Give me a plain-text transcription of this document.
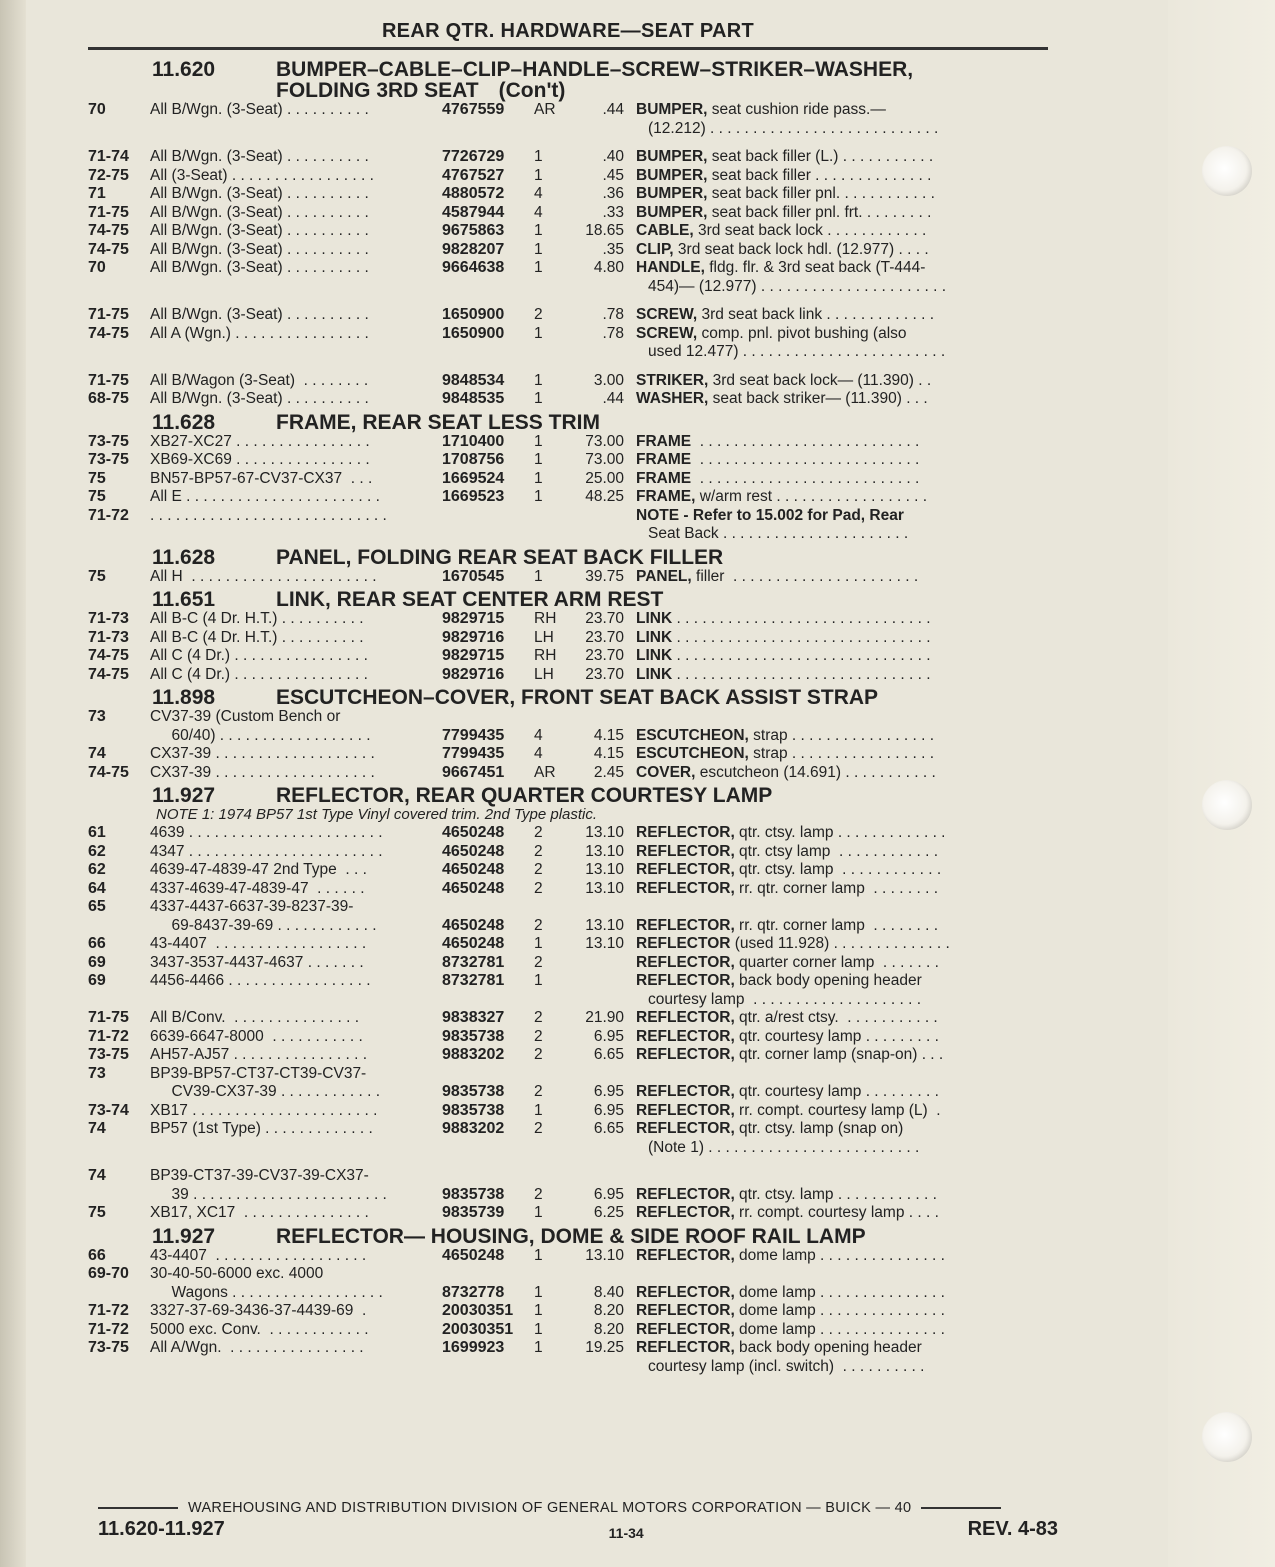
REAR QTR. HARDWARE—SEAT PART
11.620	BUMPER–CABLE–CLIP–HANDLE–SCREW–STRIKER–WASHER,
FOLDING 3RD SEAT (Con't)
70	All B/Wgn. (3-Seat) . . . . . . . . . .	4767559	AR	.44 BUMPER, seat cushion ride pass.—
(12.212) . . . . . . . . . . . . . . . . . . . . . . . . . . .
71-74	All B/Wgn. (3-Seat) . . . . . . . . . .	7726729	1	.40 BUMPER, seat back filler (L.) . . . . . . . . . . .
72-75	All (3-Seat) . . . . . . . . . . . . . . . . .	4767527	1	.45 BUMPER, seat back filler . . . . . . . . . . . . . .
71	All B/Wgn. (3-Seat) . . . . . . . . . .	4880572	4	.36 BUMPER, seat back filler pnl. . . . . . . . . . . .
71-75	All B/Wgn. (3-Seat) . . . . . . . . . .	4587944	4	.33 BUMPER, seat back filler pnl. frt. . . . . . . . .
74-75	All B/Wgn. (3-Seat) . . . . . . . . . .	9675863	1	18.65 CABLE, 3rd seat back lock . . . . . . . . . . . .
74-75	All B/Wgn. (3-Seat) . . . . . . . . . .	9828207	1	.35 CLIP, 3rd seat back lock hdl. (12.977) . . . .
70	All B/Wgn. (3-Seat) . . . . . . . . . .	9664638	1	4.80 HANDLE, fldg. flr. & 3rd seat back (T-444-
454)— (12.977) . . . . . . . . . . . . . . . . . . . . . .
71-75	All B/Wgn. (3-Seat) . . . . . . . . . .	1650900	2	.78 SCREW, 3rd seat back link . . . . . . . . . . . . .
74-75	All A (Wgn.) . . . . . . . . . . . . . . . .	1650900	1	.78 SCREW, comp. pnl. pivot bushing (also
used 12.477) . . . . . . . . . . . . . . . . . . . . . . . .
71-75	All B/Wagon (3-Seat)  . . . . . . . .	9848534	1	3.00 STRIKER, 3rd seat back lock— (11.390) . .
68-75	All B/Wgn. (3-Seat) . . . . . . . . . .	9848535	1	.44 WASHER, seat back striker— (11.390) . . .
11.628	FRAME, REAR SEAT LESS TRIM
73-75	XB27-XC27 . . . . . . . . . . . . . . . .	1710400	1	73.00 FRAME  . . . . . . . . . . . . . . . . . . . . . . . . . .
73-75	XB69-XC69 . . . . . . . . . . . . . . . .	1708756	1	73.00 FRAME  . . . . . . . . . . . . . . . . . . . . . . . . . .
75	BN57-BP57-67-CV37-CX37  . . .	1669524	1	25.00 FRAME  . . . . . . . . . . . . . . . . . . . . . . . . . .
75	All E . . . . . . . . . . . . . . . . . . . . . . .	1669523	1	48.25 FRAME, w/arm rest . . . . . . . . . . . . . . . . . .
71-72	. . . . . . . . . . . . . . . . . . . . . . . . . . . .	NOTE - Refer to 15.002 for Pad, Rear
Seat Back . . . . . . . . . . . . . . . . . . . . . .
11.628	PANEL, FOLDING REAR SEAT BACK FILLER
75	All H  . . . . . . . . . . . . . . . . . . . . . .	1670545	1	39.75 PANEL, filler  . . . . . . . . . . . . . . . . . . . . . .
11.651	LINK, REAR SEAT CENTER ARM REST
71-73	All B-C (4 Dr. H.T.) . . . . . . . . . .	9829715	RH	23.70 LINK . . . . . . . . . . . . . . . . . . . . . . . . . . . . . .
71-73	All B-C (4 Dr. H.T.) . . . . . . . . . .	9829716	LH	23.70 LINK . . . . . . . . . . . . . . . . . . . . . . . . . . . . . .
74-75	All C (4 Dr.) . . . . . . . . . . . . . . . .	9829715	RH	23.70 LINK . . . . . . . . . . . . . . . . . . . . . . . . . . . . . .
74-75	All C (4 Dr.) . . . . . . . . . . . . . . . .	9829716	LH	23.70 LINK . . . . . . . . . . . . . . . . . . . . . . . . . . . . . .
11.898	ESCUTCHEON–COVER, FRONT SEAT BACK ASSIST STRAP
73	CV37-39 (Custom Bench or
60/40) . . . . . . . . . . . . . . . . . .	7799435	4	4.15 ESCUTCHEON, strap . . . . . . . . . . . . . . . . .
74	CX37-39 . . . . . . . . . . . . . . . . . . .	7799435	4	4.15 ESCUTCHEON, strap . . . . . . . . . . . . . . . . .
74-75	CX37-39 . . . . . . . . . . . . . . . . . . .	9667451	AR	2.45 COVER, escutcheon (14.691) . . . . . . . . . . .
11.927	REFLECTOR, REAR QUARTER COURTESY LAMP
NOTE 1: 1974 BP57 1st Type Vinyl covered trim. 2nd Type plastic.
61	4639 . . . . . . . . . . . . . . . . . . . . . . .	4650248	2	13.10 REFLECTOR, qtr. ctsy. lamp . . . . . . . . . . . . .
62	4347 . . . . . . . . . . . . . . . . . . . . . . .	4650248	2	13.10 REFLECTOR, qtr. ctsy lamp  . . . . . . . . . . . .
62	4639-47-4839-47 2nd Type  . . .	4650248	2	13.10 REFLECTOR, qtr. ctsy. lamp  . . . . . . . . . . . .
64	4337-4639-47-4839-47  . . . . . .	4650248	2	13.10 REFLECTOR, rr. qtr. corner lamp  . . . . . . . .
65	4337-4437-6637-39-8237-39-
69-8437-39-69 . . . . . . . . . . . .	4650248	2	13.10 REFLECTOR, rr. qtr. corner lamp  . . . . . . . .
66	43-4407  . . . . . . . . . . . . . . . . . .	4650248	1	13.10 REFLECTOR (used 11.928) . . . . . . . . . . . . . .
69	3437-3537-4437-4637 . . . . . . .	8732781	2	REFLECTOR, quarter corner lamp  . . . . . . .
69	4456-4466 . . . . . . . . . . . . . . . . .	8732781	1	REFLECTOR, back body opening header
courtesy lamp  . . . . . . . . . . . . . . . . . . . .
71-75	All B/Conv.  . . . . . . . . . . . . . . .	9838327	2	21.90 REFLECTOR, qtr. a/rest ctsy.  . . . . . . . . . . .
71-72	6639-6647-8000  . . . . . . . . . . .	9835738	2	6.95 REFLECTOR, qtr. courtesy lamp . . . . . . . . .
73-75	AH57-AJ57 . . . . . . . . . . . . . . . .	9883202	2	6.65 REFLECTOR, qtr. corner lamp (snap-on) . . .
73	BP39-BP57-CT37-CT39-CV37-
CV39-CX37-39 . . . . . . . . . . . .	9835738	2	6.95 REFLECTOR, qtr. courtesy lamp . . . . . . . . .
73-74	XB17 . . . . . . . . . . . . . . . . . . . . . .	9835738	1	6.95 REFLECTOR, rr. compt. courtesy lamp (L)  .
74	BP57 (1st Type) . . . . . . . . . . . . .	9883202	2	6.65 REFLECTOR, qtr. ctsy. lamp (snap on)
(Note 1) . . . . . . . . . . . . . . . . . . . . . . . . .
74	BP39-CT37-39-CV37-39-CX37-
39 . . . . . . . . . . . . . . . . . . . . . . .	9835738	2	6.95 REFLECTOR, qtr. ctsy. lamp . . . . . . . . . . . .
75	XB17, XC17  . . . . . . . . . . . . . . .	9835739	1	6.25 REFLECTOR, rr. compt. courtesy lamp . . . .
11.927	REFLECTOR— HOUSING, DOME & SIDE ROOF RAIL LAMP
66	43-4407  . . . . . . . . . . . . . . . . . .	4650248	1	13.10 REFLECTOR, dome lamp . . . . . . . . . . . . . . .
69-70	30-40-50-6000 exc. 4000
Wagons . . . . . . . . . . . . . . . . . .	8732778	1	8.40 REFLECTOR, dome lamp . . . . . . . . . . . . . . .
71-72	3327-37-69-3436-37-4439-69  .	20030351	1	8.20 REFLECTOR, dome lamp . . . . . . . . . . . . . . .
71-72	5000 exc. Conv.  . . . . . . . . . . . .	20030351	1	8.20 REFLECTOR, dome lamp . . . . . . . . . . . . . . .
73-75	All A/Wgn.  . . . . . . . . . . . . . . . .	1699923	1	19.25 REFLECTOR, back body opening header
courtesy lamp (incl. switch)  . . . . . . . . . .
WAREHOUSING AND DISTRIBUTION DIVISION OF GENERAL MOTORS CORPORATION — BUICK — 40
11.620-11.927	11-34	REV. 4-83
